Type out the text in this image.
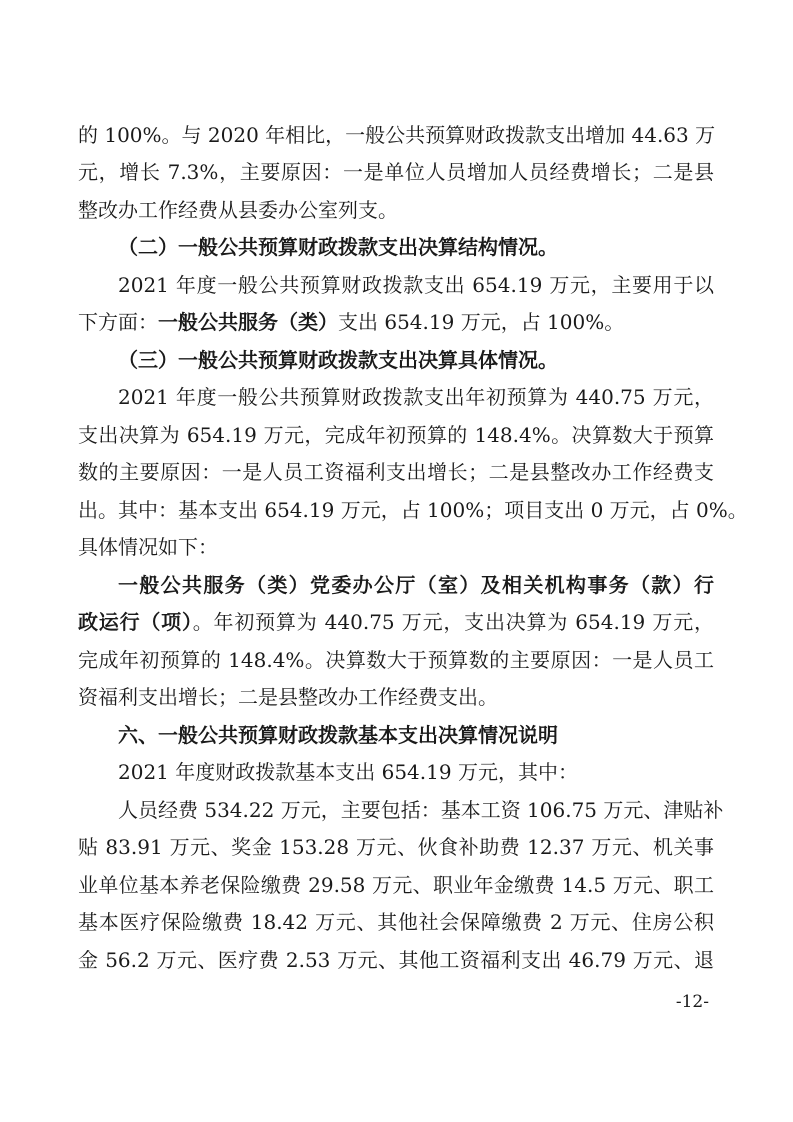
的 100%。与 2020 年相比，一般公共预算财政拨款支出增加 44.63 万
元，增长 7.3%，主要原因：一是单位人员增加人员经费增长；二是县
整改办工作经费从县委办公室列支。
（二）一般公共预算财政拨款支出决算结构情况。
2021 年度一般公共预算财政拨款支出 654.19 万元，主要用于以
下方面：一般公共服务（类）支出 654.19 万元，占 100%。
（三）一般公共预算财政拨款支出决算具体情况。
2021 年度一般公共预算财政拨款支出年初预算为 440.75 万元，
支出决算为 654.19 万元，完成年初预算的 148.4%。决算数大于预算
数的主要原因：一是人员工资福利支出增长；二是县整改办工作经费支
出。其中：基本支出 654.19 万元，占 100%；项目支出 0 万元，占 0%。
具体情况如下：
一般公共服务（类）党委办公厅（室）及相关机构事务（款）行
政运行（项）。年初预算为 440.75 万元，支出决算为 654.19 万元，
完成年初预算的 148.4%。决算数大于预算数的主要原因：一是人员工
资福利支出增长；二是县整改办工作经费支出。
六、一般公共预算财政拨款基本支出决算情况说明
2021 年度财政拨款基本支出 654.19 万元，其中：
人员经费 534.22 万元，主要包括：基本工资 106.75 万元、津贴补
贴 83.91 万元、奖金 153.28 万元、伙食补助费 12.37 万元、机关事
业单位基本养老保险缴费 29.58 万元、职业年金缴费 14.5 万元、职工
基本医疗保险缴费 18.42 万元、其他社会保障缴费 2 万元、住房公积
金 56.2 万元、医疗费 2.53 万元、其他工资福利支出 46.79 万元、退
-12-
